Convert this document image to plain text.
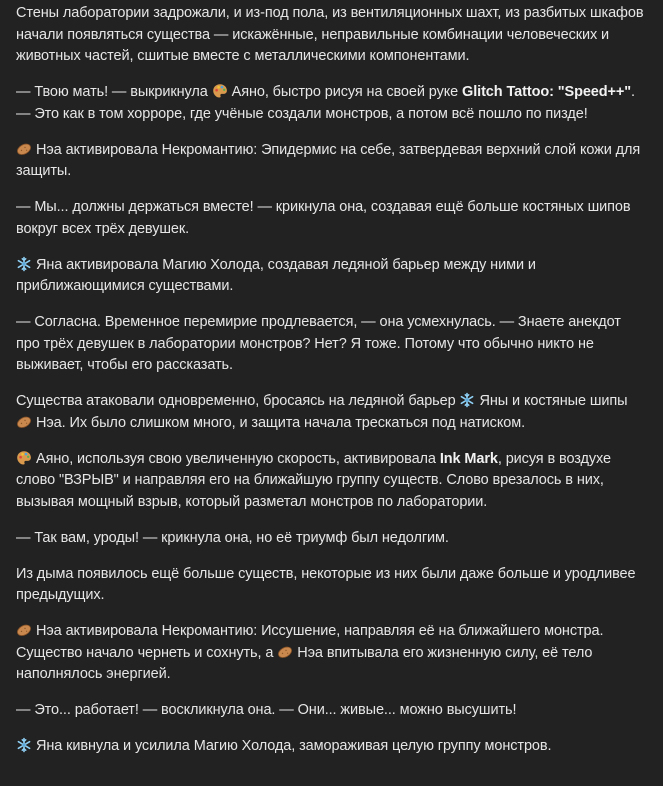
Стены лаборатории задрожали, и из-под пола, из вентиляционных шахт, из разбитых шкафов начали появляться существа — искажённые, неправильные комбинации человеческих и животных частей, сшитые вместе с металлическими компонентами.

— Твою мать! — выкрикнула
Аяно, быстро рисуя на своей руке Glitch Tattoo: "Speed++". — Это как в том хорроре, где учёные создали монстров, а потом всё пошло по пизде!

Нэа активировала Некромантию: Эпидермис на себе, затвердевая верхний слой кожи для защиты.

— Мы... должны держаться вместе! — крикнула она, создавая ещё больше костяных шипов вокруг всех трёх девушек.

Яна активировала Магию Холода, создавая ледяной барьер между ними и приближающимися существами.

— Согласна. Временное перемирие продлевается, — она усмехнулась. — Знаете анекдот про трёх девушек в лаборатории монстров? Нет? Я тоже. Потому что обычно никто не выживает, чтобы его рассказать.

Существа атаковали одновременно, бросаясь на ледяной барьер
Яны и костяные шипы
Нэа. Их было слишком много, и защита начала трескаться под натиском.

Аяно, используя свою увеличенную скорость, активировала Ink Mark, рисуя в воздухе слово "ВЗРЫВ" и направляя его на ближайшую группу существ. Слово врезалось в них, вызывая мощный взрыв, который разметал монстров по лаборатории.

— Так вам, уроды! — крикнула она, но её триумф был недолгим.

Из дыма появилось ещё больше существ, некоторые из них были даже больше и уродливее предыдущих.

Нэа активировала Некромантию: Иссушение, направляя её на ближайшего монстра. Существо начало чернеть и сохнуть, а
Нэа впитывала его жизненную силу, её тело наполнялось энергией.

— Это... работает! — воскликнула она. — Они... живые... можно высушить!

Яна кивнула и усилила Магию Холода, замораживая целую группу монстров.
